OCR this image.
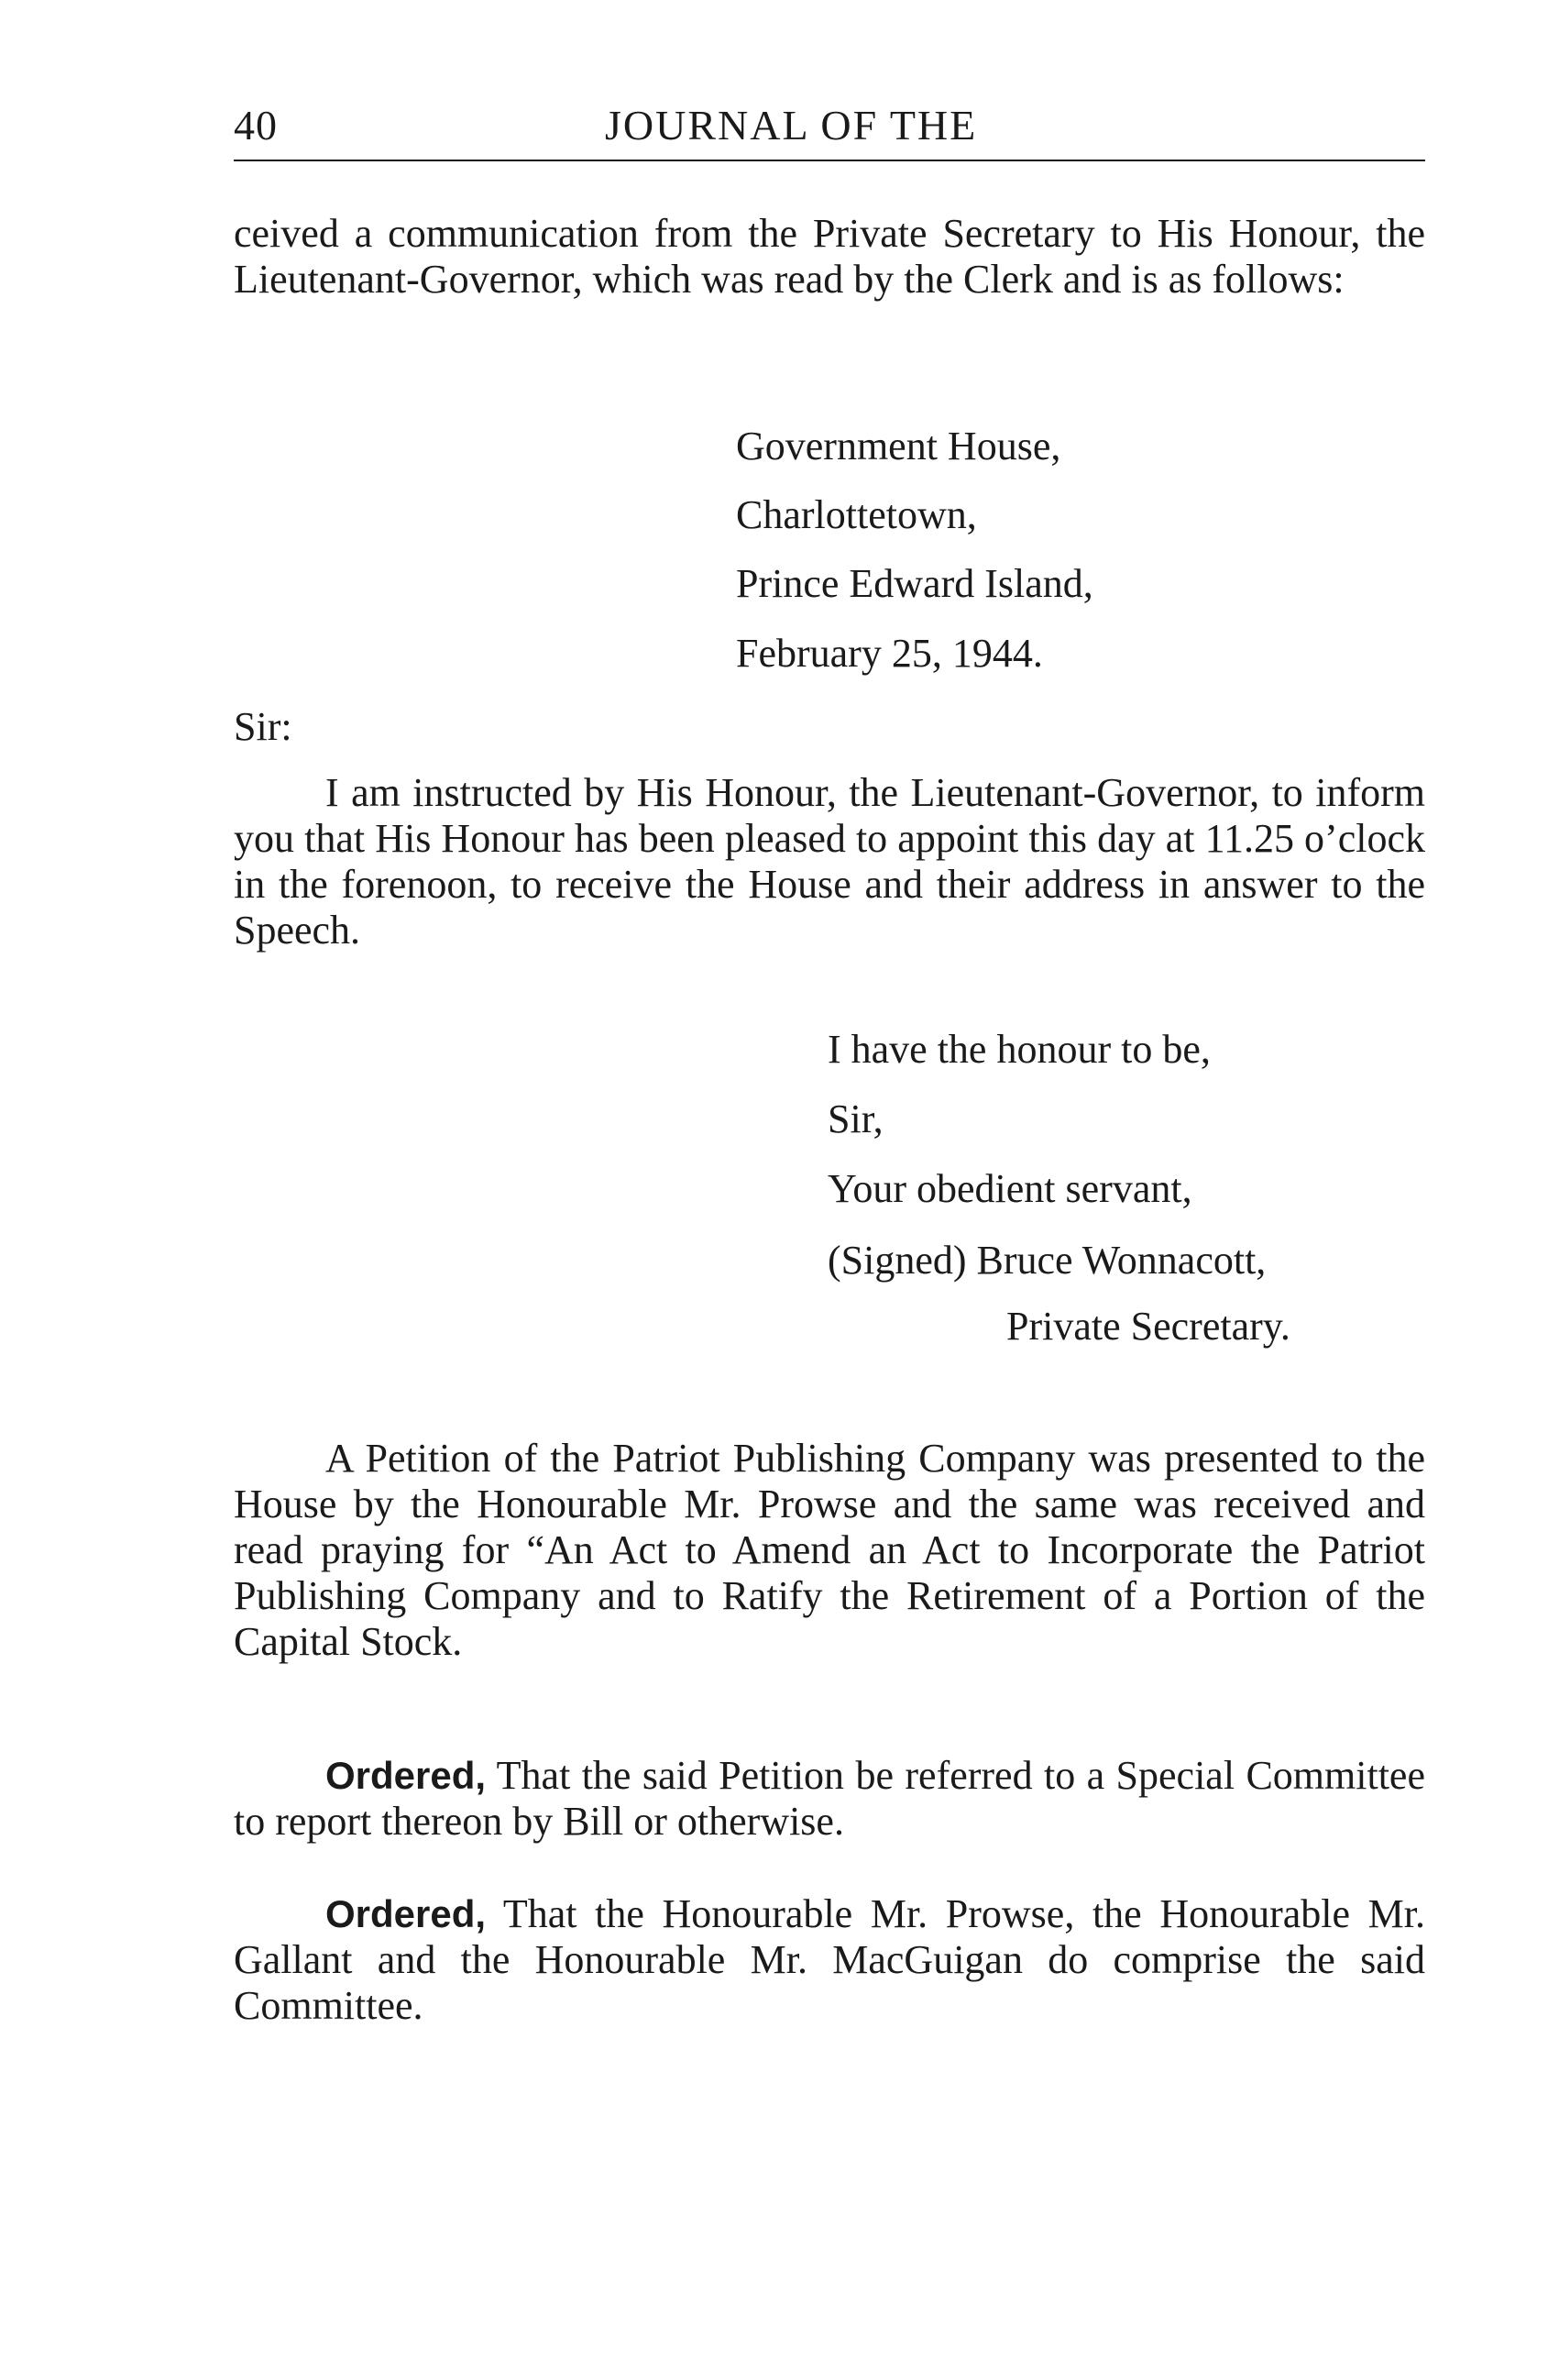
40	JOURNAL OF THE

ceived a communication from the Private Secretary to His Honour, the Lieutenant-Governor, which was read by the Clerk and is as follows:

Government House,

Charlottetown,

Prince Edward Island,

February 25, 1944.

Sir:

I am instructed by His Honour, the Lieutenant-Governor, to inform you that His Honour has been pleased to appoint this day at 11.25 o’clock in the forenoon, to receive the House and their address in answer to the Speech.

I have the honour to be,

Sir,

Your obedient servant,

(Signed) Bruce Wonnacott,

Private Secretary.

A Petition of the Patriot Publishing Company was presented to the House by the Honourable Mr. Prowse and the same was received and read praying for “An Act to Amend an Act to Incorporate the Patriot Publishing Company and to Ratify the Retirement of a Portion of the Capital Stock.

Ordered, That the said Petition be referred to a Special Committee to report thereon by Bill or otherwise.

Ordered, That the Honourable Mr. Prowse, the Honourable Mr. Gallant and the Honourable Mr. MacGuigan do comprise the said Committee.
